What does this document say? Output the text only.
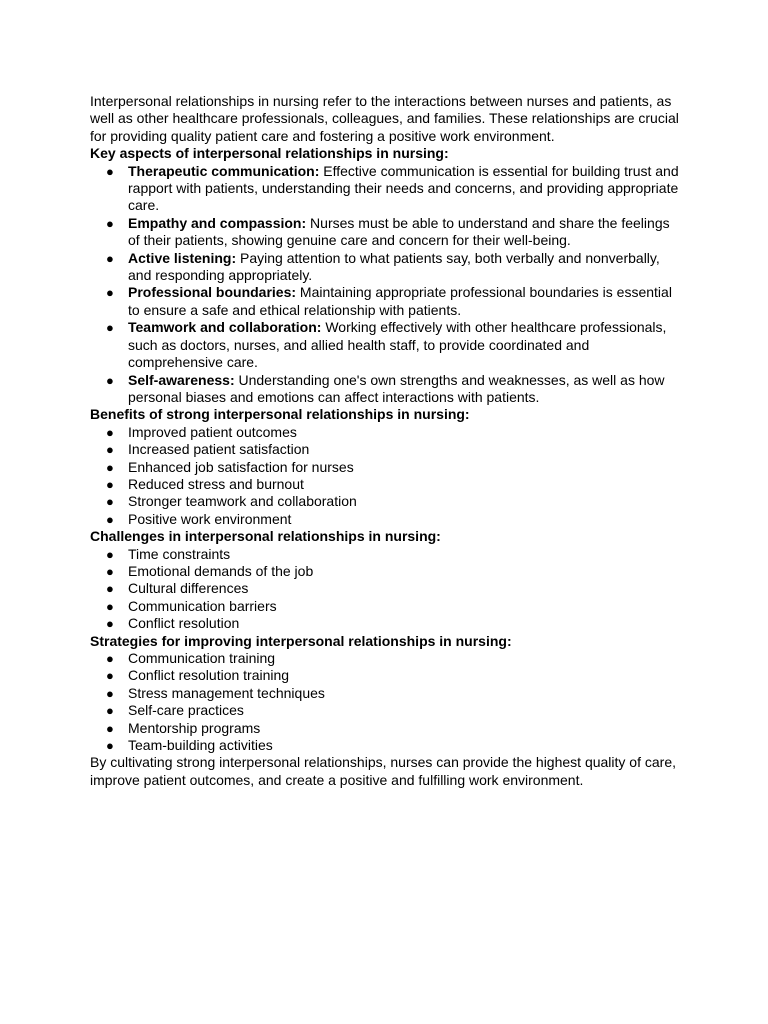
Interpersonal relationships in nursing refer to the interactions between nurses and patients, as well as other healthcare professionals, colleagues, and families. These relationships are crucial for providing quality patient care and fostering a positive work environment.

Key aspects of interpersonal relationships in nursing:

● Therapeutic communication: Effective communication is essential for building trust and rapport with patients, understanding their needs and concerns, and providing appropriate care.
● Empathy and compassion: Nurses must be able to understand and share the feelings of their patients, showing genuine care and concern for their well-being.
● Active listening: Paying attention to what patients say, both verbally and nonverbally, and responding appropriately.
● Professional boundaries: Maintaining appropriate professional boundaries is essential to ensure a safe and ethical relationship with patients.
● Teamwork and collaboration: Working effectively with other healthcare professionals, such as doctors, nurses, and allied health staff, to provide coordinated and comprehensive care.
● Self-awareness: Understanding one's own strengths and weaknesses, as well as how personal biases and emotions can affect interactions with patients.

Benefits of strong interpersonal relationships in nursing:

● Improved patient outcomes
● Increased patient satisfaction
● Enhanced job satisfaction for nurses
● Reduced stress and burnout
● Stronger teamwork and collaboration
● Positive work environment

Challenges in interpersonal relationships in nursing:

● Time constraints
● Emotional demands of the job
● Cultural differences
● Communication barriers
● Conflict resolution

Strategies for improving interpersonal relationships in nursing:

● Communication training
● Conflict resolution training
● Stress management techniques
● Self-care practices
● Mentorship programs
● Team-building activities

By cultivating strong interpersonal relationships, nurses can provide the highest quality of care, improve patient outcomes, and create a positive and fulfilling work environment.
